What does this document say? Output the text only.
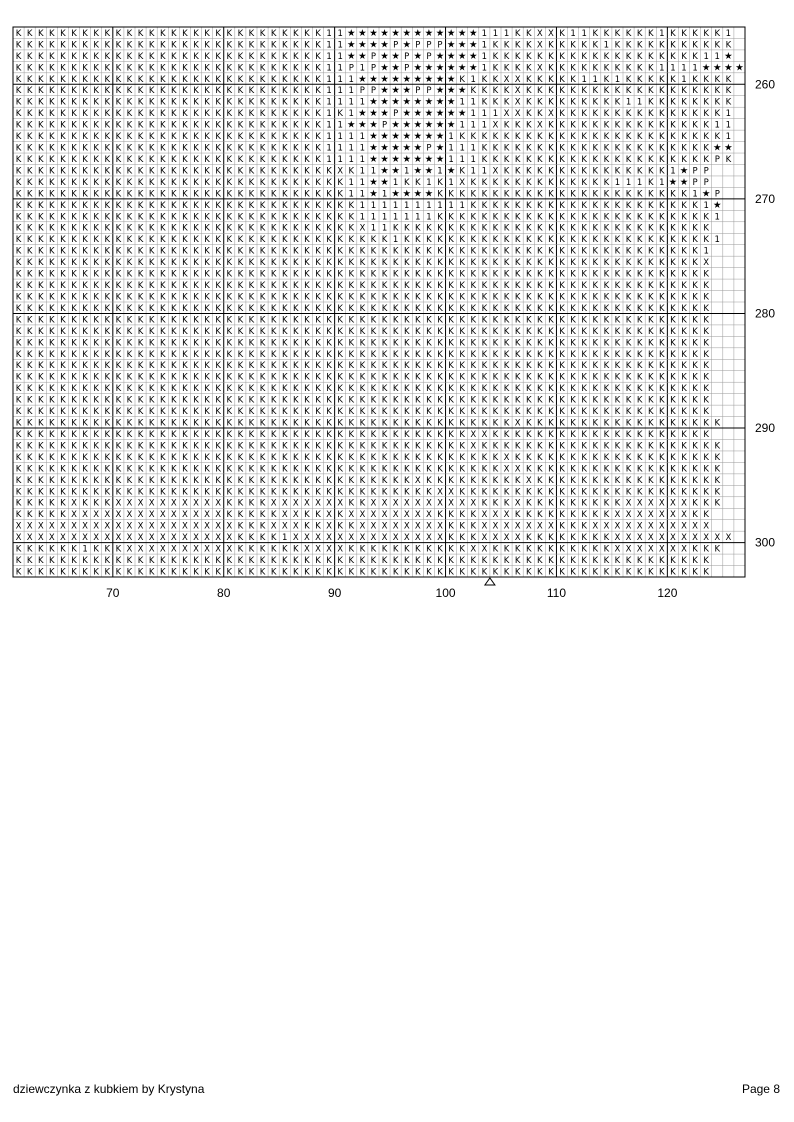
K K K K K K K K K K K K K K K K K K K K K K K K K K K K 1 1 ★ ★ ★ ★ ★ ★ ★ ★ ★ ★ ★ ★ 1 1 1 K K X X K 1 1 K K K K K K 1 K K K K K 1
K K K K K K K K K K K K K K K K K K K K K K K K K K K K 1 1 ★ ★ ★ ★ P ★ P P P ★ ★ ★ 1 K K K K X K K K K K 1 K K K K K K K K K K K
K K K K K K K K K K K K K K K K K K K K K K K K K K K K 1 1 ★ ★ P ★ ★ P ★ P ★ ★ ★ ★ 1 K K K K K K K K K K K K K K K K K K K 1 1 ★
K K K K K K K K K K K K K K K K K K K K K K K K K K K K 1 1 P 1 P ★ ★ P ★ ★ ★ ★ ★ ★ 1 K K K K X K K K K K K K K K K 1 1 1 1 ★ ★ ★ ★
K K K K K K K K K K K K K K K K K K K K K K K K K K K K 1 1 1 ★ ★ ★ ★ ★ ★ ★ ★ ★ K 1 K K X X K K K K K 1 1 K 1 K K K K K 1 K K K K
K K K K K K K K K K K K K K K K K K K K K K K K K K K K 1 1 1 P P ★ ★ ★ P P ★ ★ ★ K K K K X K K K K K K K K K K K K K K K K K K K
K K K K K K K K K K K K K K K K K K K K K K K K K K K K 1 1 1 1 ★ ★ ★ ★ ★ ★ ★ ★ 1 1 K K K X K K K K K K K K K 1 1 K K K K K K K K
K K K K K K K K K K K K K K K K K K K K K K K K K K K K 1 K 1 ★ ★ ★ P ★ ★ ★ ★ ★ ★ 1 1 1 X X K K X K K K K K K K K K K K K K K K 1
K K K K K K K K K K K K K K K K K K K K K K K K K K K K 1 1 ★ ★ ★ P ★ ★ ★ ★ ★ ★ 1 1 1 X K K K X K K K K K K K K K K K K K K K 1 1
K K K K K K K K K K K K K K K K K K K K K K K K K K K K 1 1 1 1 ★ ★ ★ ★ ★ ★ ★ 1 K K K K K K K K K K K K K K K K K K K K K K K K 1
K K K K K K K K K K K K K K K K K K K K K K K K K K K K 1 1 1 1 ★ ★ ★ ★ ★ P ★ 1 1 1 K K K K K K K K K K K K K K K K K K K K K ★ ★
K K K K K K K K K K K K K K K K K K K K K K K K K K K K 1 1 1 1 ★ ★ ★ ★ ★ ★ ★ 1 1 1 K K K K K K K K K K K K K K K K K K K K K P K
K K K K K K K K K K K K K K K K K K K K K K K K K K K K K X K 1 1 ★ ★ 1 ★ ★ 1 ★ K 1 1 X K K K K K K K K K K K K K K K 1 ★ P P
K K K K K K K K K K K K K K K K K K K K K K K K K K K K K K 1 1 ★ ★ 1 K K 1 K 1 X K K K K K K K K K K K K K 1 1 1 K 1 ★ ★ P P
K K K K K K K K K K K K K K K K K K K K K K K K K K K K K K 1 1 ★ 1 ★ ★ ★ ★ K K K K K K K K K K K K K K K K K K K K K K K 1 ★ P
K K K K K K K K K K K K K K K K K K K K K K K K K K K K K K K 1 1 1 1 1 1 1 1 1 1 K K K K K K K K K K K K K K K K K K K K K 1 ★
K K K K K K K K K K K K K K K K K K K K K K K K K K K K K K K 1 1 1 1 1 1 1 K K K K K K K K K K K K K K K K K K K K K K K K K 1
K K K K K K K K K K K K K K K K K K K K K K K K K K K K K K K X 1 1 K K K K K K K K K K K K K K K K K K K K K K K K K K K K K
K K K K K K K K K K K K K K K K K K K K K K K K K K K K K K K K K K 1 K K K K K K K K K K K K K K K K K K K K K K K K K K K K 1
K K K K K K K K K K K K K K K K K K K K K K K K K K K K K K K K K K K K K K K K K K K K K K K K K K K K K K K K K K K K K K 1
K K K K K K K K K K K K K K K K K K K K K K K K K K K K K K K K K K K K K K K K K K K K K K K K K K K K K K K K K K K K K K X
K K K K K K K K K K K K K K K K K K K K K K K K K K K K K K K K K K K K K K K K K K K K K K K K K K K K K K K K K K K K K K K
K K K K K K K K K K K K K K K K K K K K K K K K K K K K K K K K K K K K K K K K K K K K K K K K K K K K K K K K K K K K K K K
K K K K K K K K K K K K K K K K K K K K K K K K K K K K K K K K K K K K K K K K K K K K K K K K K K K K K K K K K K K K K K K
K K K K K K K K K K K K K K K K K K K K K K K K K K K K K K K K K K K K K K K K K K K K K K K K K K K K K K K K K K K K K K K
K K K K K K K K K K K K K K K K K K K K K K K K K K K K K K K K K K K K K K K K K K K K K K K K K K K K K K K K K K K K K K K
K K K K K K K K K K K K K K K K K K K K K K K K K K K K K K K K K K K K K K K K K K K K K K K K K K K K K K K K K K K K K K K
K K K K K K K K K K K K K K K K K K K K K K K K K K K K K K K K K K K K K K K K K K K K K K K K K K K K K K K K K K K K K K K
K K K K K K K K K K K K K K K K K K K K K K K K K K K K K K K K K K K K K K K K K K K K K K K K K K K K K K K K K K K K K K K
K K K K K K K K K K K K K K K K K K K K K K K K K K K K K K K K K K K K K K K K K K K K K K K K K K K K K K K K K K K K K K K
K K K K K K K K K K K K K K K K K K K K K K K K K K K K K K K K K K K K K K K K K K K K K K K K K K K K K K K K K K K K K K K
K K K K K K K K K K K K K K K K K K K K K K K K K K K K K K K K K K K K K K K K K K K K K K K K K K K K K K K K K K K K K K K
K K K K K K K K K K K K K K K K K K K K K K K K K K K K K K K K K K K K K K K K K K K K K K K K K K K K K K K K K K K K K K K
K K K K K K K K K K K K K K K K K K K K K K K K K K K K K K K K K K K K K K K K K K K K K K K K K K K K K K K K K K K K K K K
K K K K K K K K K K K K K K K K K K K K K K K K K K K K K K K K K K K K K K K K K K K K K X K K K K K K K K K K K K K K K K K K
K K K K K K K K K K K K K K K K K K K K K K K K K K K K K K K K K K K K K K K K K X X K K K K K K K K K K K K K K K K K K K K
K K K K K K K K K K K K K K K K K K K K K K K K K K K K K K K K K K K K K K K K K X K K K K K K K K K K K K K K K K K K K K K K
K K K K K K K K K K K K K K K K K K K K K K K K K K K K K K K K K K K K K K K K K K K K X K K K K K K K K K K K K K K K K K K K
K K K K K K K K K K K K K K K K K K K K K K K K K K K K K K K K K K K K K K K K K K K K X X K K K K K K K K K K K K K K K K K K
K K K K K K K K K K K K K K K K K K K K K K K K K K K K K K K K K K K K X K K K K K K K K K X K K K K K K K K K K K K K K K K K
K K K K K K K K K K K K K K K K K K K K K K K K K K K K K K K K K K K K K K X X K K K K K K K K K K K K K K K K K K K K K K K K
K K K K K X K K K X X X X X X X X X X K K K K X X X X X X X K K X X X X X X X X X X K K K X K K K K K K K K K X X X X X X K K K
K K K K K X X X X X X X X X X X X X X K K K K K X X K K X K X X X X X X X X K K K K X X X K K K K K K K K K X X X X X X X K K
X X X X X X X X X X X X X X X X X X X X K K K X X X K K X K K X X X X X X X X K K K X X X X X X X K K K X X X X X X X X X X X
X X X X X X X X X X X X X X X X X X X X K K K K 1 X X X X X X X X X X X X X X K K K X X X X K K K K K K K K X X X X X X X X X X X
K K K K K K 1 K K K X X X X X X X X X X K K K K K K X X X X K K K K K K K K K K K X X K K K K K K K K K K K X X X X X X X K K K
K K K K K K K K K K K K K K K K K K K K K K K K K K K K K K K K K K K K K K K K K K K K K K K K K K K K K K K K K K K K K K K
K K K K K K K K K K K K K K K K K K K K K K K K K K K K K K K K K K K K K K K K K K K K K K K K K K K K K K K K K K K K K K K
70	80	90	100	110	120
260
270
280
290
300
dziewczynka z kubkiem by Krystyna	Page 8
